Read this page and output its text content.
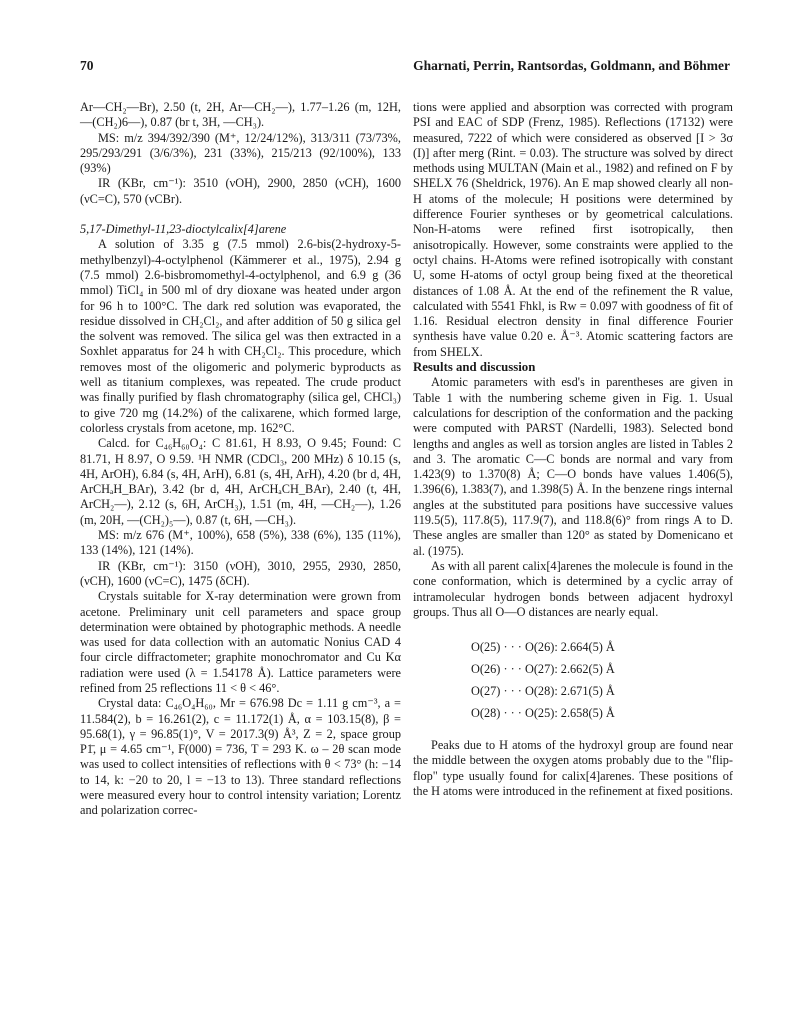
70	Gharnati, Perrin, Rantsordas, Goldmann, and Böhmer

Ar—CH₂—Br), 2.50 (t, 2H, Ar—CH₂—), 1.77–1.26 (m, 12H, —(CH₂)6—), 0.87 (br t, 3H, —CH₃).

MS: m/z 394/392/390 (M⁺, 12/24/12%), 313/311 (73/73%, 295/293/291 (3/6/3%), 231 (33%), 215/213 (92/100%), 133 (93%)

IR (KBr, cm⁻¹): 3510 (νOH), 2900, 2850 (νCH), 1600 (νC=C), 570 (νCBr).

5,17-Dimethyl-11,23-dioctylcalix[4]arene

A solution of 3.35 g (7.5 mmol) 2.6-bis(2-hydroxy-5-methylbenzyl)-4-octylphenol (Kämmerer et al., 1975), 2.94 g (7.5 mmol) 2.6-bisbromomethyl-4-octylphenol, and 6.9 g (36 mmol) TiCl₄ in 500 ml of dry dioxane was heated under argon for 96 h to 100°C. The dark red solution was evaporated, the residue dissolved in CH₂Cl₂, and after addition of 50 g silica gel the solvent was removed. The silica gel was then extracted in a Soxhlet apparatus for 24 h with CH₂Cl₂. This procedure, which removes most of the oligomeric and polymeric byproducts as well as titanium complexes, was repeated. The crude product was finally purified by flash chromatography (silica gel, CHCl₃) to give 720 mg (14.2%) of the calixarene, which formed large, colorless crystals from acetone, mp. 162°C.

Calcd. for C₄₆H₆₀O₄: C 81.61, H 8.93, O 9.45; Found: C 81.71, H 8.97, O 9.59. ¹H NMR (CDCl₃, 200 MHz) δ 10.15 (s, 4H, ArOH), 6.84 (s, 4H, ArH), 6.81 (s, 4H, ArH), 4.20 (br d, 4H, ArCHₐH_BAr), 3.42 (br d, 4H, ArCHₐCH_BAr), 2.40 (t, 4H, ArCH₂—), 2.12 (s, 6H, ArCH₃), 1.51 (m, 4H, —CH₂—), 1.26 (m, 20H, —(CH₂)₅—), 0.87 (t, 6H, —CH₃).

MS: m/z 676 (M⁺, 100%), 658 (5%), 338 (6%), 135 (11%), 133 (14%), 121 (14%).

IR (KBr, cm⁻¹): 3150 (νOH), 3010, 2955, 2930, 2850, (νCH), 1600 (νC=C), 1475 (δCH).

Crystals suitable for X-ray determination were grown from acetone. Preliminary unit cell parameters and space group determination were obtained by photographic methods. A needle was used for data collection with an automatic Nonius CAD 4 four circle diffractometer; graphite monochromator and Cu Kα radiation were used (λ = 1.54178 Å). Lattice parameters were refined from 25 reflections 11 < θ < 46°.

Crystal data: C₄₆O₄H₆₀, Mr = 676.98 Dc = 1.11 g cm⁻³, a = 11.584(2), b = 16.261(2), c = 11.172(1) Å, α = 103.15(8), β = 95.68(1), γ = 96.85(1)°, V = 2017.3(9) Å³, Z = 2, space group P1̄, μ = 4.65 cm⁻¹, F(000) = 736, T = 293 K. ω – 2θ scan mode was used to collect intensities of reflections with θ < 73° (h: −14 to 14, k: −20 to 20, l = −13 to 13). Three standard reflections were measured every hour to control intensity variation; Lorentz and polarization correc-

tions were applied and absorption was corrected with program PSI and EAC of SDP (Frenz, 1985). Reflections (17132) were measured, 7222 of which were considered as observed [I > 3σ (I)] after merg (Rint. = 0.03). The structure was solved by direct methods using MULTAN (Main et al., 1982) and refined on F by SHELX 76 (Sheldrick, 1976). An E map showed clearly all non-H atoms of the molecule; H positions were determined by difference Fourier syntheses or by geometrical calculations. Non-H-atoms were refined first isotropically, then anisotropically. However, some constraints were applied to the octyl chains. H-Atoms were refined isotropically with constant U, some H-atoms of octyl group being fixed at the theoretical distances of 1.08 Å. At the end of the refinement the R value, calculated with 5541 Fhkl, is Rw = 0.097 with goodness of fit of 1.16. Residual electron density in final difference Fourier synthesis have value 0.20 e. Å⁻³. Atomic scattering factors are from SHELX.

Results and discussion

Atomic parameters with esd's in parentheses are given in Table 1 with the numbering scheme given in Fig. 1. Usual calculations for description of the conformation and the packing were computed with PARST (Nardelli, 1983). Selected bond lengths and angles as well as torsion angles are listed in Tables 2 and 3. The aromatic C—C bonds are normal and vary from 1.423(9) to 1.370(8) Å; C—O bonds have values 1.406(5), 1.396(6), 1.383(7), and 1.398(5) Å. In the benzene rings internal angles at the substituted para positions have successive values 119.5(5), 117.8(5), 117.9(7), and 118.8(6)° from rings A to D. These angles are smaller than 120° as stated by Domenicano et al. (1975).

As with all parent calix[4]arenes the molecule is found in the cone conformation, which is determined by a cyclic array of intramolecular hydrogen bonds between adjacent hydroxyl groups. Thus all O—O distances are nearly equal.

O(25) · · · O(26): 2.664(5) Å
O(26) · · · O(27): 2.662(5) Å
O(27) · · · O(28): 2.671(5) Å
O(28) · · · O(25): 2.658(5) Å

Peaks due to H atoms of the hydroxyl group are found near the middle between the oxygen atoms probably due to the "flip-flop" type usually found for calix[4]arenes. These positions of the H atoms were introduced in the refinement at fixed positions.
